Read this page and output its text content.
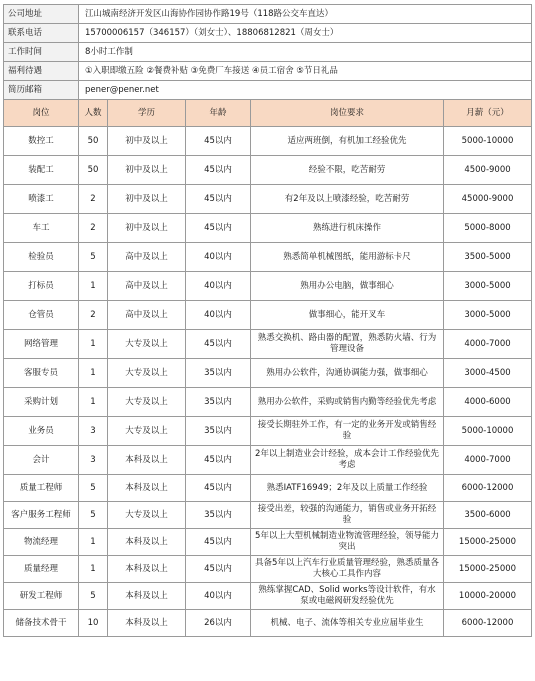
公司地址	江山城南经济开发区山海协作园协作路19号（118路公交车直达）				
联系电话	15700006157（346157）（刘女士）、18806812821（周女士）				
工作时间	8小时工作制				
福利待遇	①入职即缴五险 ②餐费补贴 ③免费厂车接送 ④员工宿舍 ⑤节日礼品				
简历邮箱	pener@pener.net				
岗位	人数	学历	年龄	岗位要求	月薪（元）
数控工	50	初中及以上	45以内	适应两班倒，有机加工经验优先	5000-10000
装配工	50	初中及以上	45以内	经验不限，吃苦耐劳	4500-9000
喷漆工	2	初中及以上	45以内	有2年及以上喷漆经验，吃苦耐劳	45000-9000
车工	2	初中及以上	45以内	熟练进行机床操作	5000-8000
检验员	5	高中及以上	40以内	熟悉简单机械图纸，能用游标卡尺	3500-5000
打标员	1	高中及以上	40以内	熟用办公电脑，做事细心	3000-5000
仓管员	2	高中及以上	40以内	做事细心，能开叉车	3000-5000
网络管理	1	大专及以上	45以内	熟悉交换机、路由器的配置，熟悉防火墙、行为管理设备	4000-7000
客服专员	1	大专及以上	35以内	熟用办公软件，沟通协调能力强，做事细心	3000-4500
采购计划	1	大专及以上	35以内	熟用办公软件，采购或销售内勤等经验优先考虑	4000-6000
业务员	3	大专及以上	35以内	接受长期驻外工作，有一定的业务开发或销售经验	5000-10000
会计	3	本科及以上	45以内	2年以上制造业会计经验，成本会计工作经验优先考虑	4000-7000
质量工程师	5	本科及以上	45以内	熟悉IATF16949；2年及以上质量工作经验	6000-12000
客户服务工程师	5	大专及以上	35以内	接受出差，较强的沟通能力，销售或业务开拓经验	3500-6000
物流经理	1	本科及以上	45以内	5年以上大型机械制造业物流管理经验，领导能力突出	15000-25000
质量经理	1	本科及以上	45以内	具备5年以上汽车行业质量管理经验，熟悉质量各大核心工具作内容	15000-25000
研发工程师	5	本科及以上	40以内	熟练掌握CAD、Solid works等设计软件，有水泵或电磁阀研发经验优先	10000-20000
储备技术骨干	10	本科及以上	26以内	机械、电子、流体等相关专业应届毕业生	6000-12000
